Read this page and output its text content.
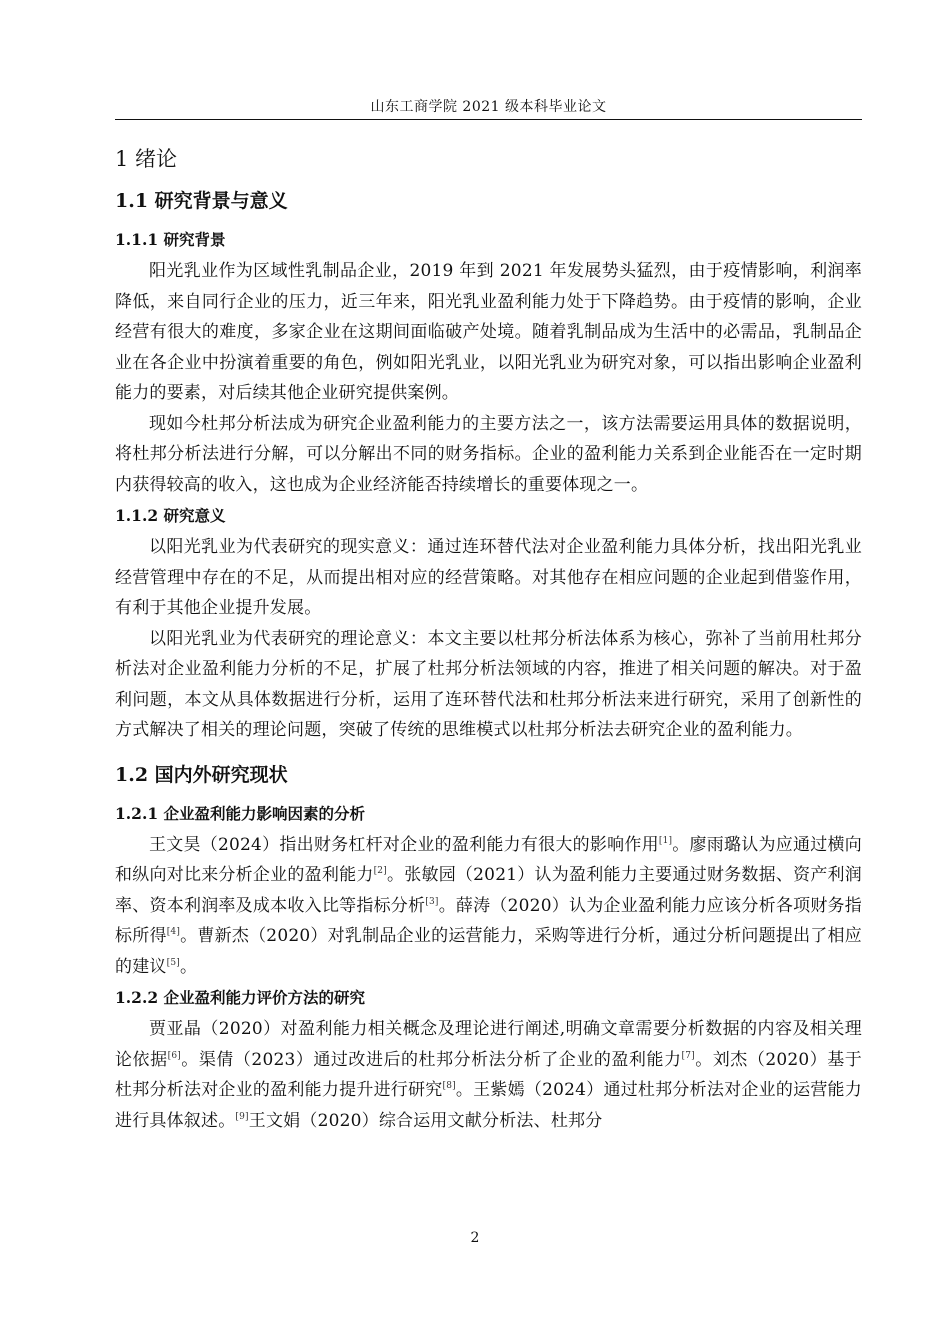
山东工商学院 2021 级本科毕业论文
1 绪论
1.1 研究背景与意义
1.1.1 研究背景

阳光乳业作为区域性乳制品企业，2019 年到 2021 年发展势头猛烈，由于疫情影响，利润率降低，来自同行企业的压力，近三年来，阳光乳业盈利能力处于下降趋势。由于疫情的影响，企业经营有很大的难度，多家企业在这期间面临破产处境。随着乳制品成为生活中的必需品，乳制品企业在各企业中扮演着重要的角色，例如阳光乳业，以阳光乳业为研究对象，可以指出影响企业盈利能力的要素，对后续其他企业研究提供案例。

现如今杜邦分析法成为研究企业盈利能力的主要方法之一，该方法需要运用具体的数据说明，将杜邦分析法进行分解，可以分解出不同的财务指标。企业的盈利能力关系到企业能否在一定时期内获得较高的收入，这也成为企业经济能否持续增长的重要体现之一。

1.1.2 研究意义

以阳光乳业为代表研究的现实意义：通过连环替代法对企业盈利能力具体分析，找出阳光乳业经营管理中存在的不足，从而提出相对应的经营策略。对其他存在相应问题的企业起到借鉴作用，有利于其他企业提升发展。

以阳光乳业为代表研究的理论意义：本文主要以杜邦分析法体系为核心，弥补了当前用杜邦分析法对企业盈利能力分析的不足，扩展了杜邦分析法领域的内容，推进了相关问题的解决。对于盈利问题，本文从具体数据进行分析，运用了连环替代法和杜邦分析法来进行研究，采用了创新性的方式解决了相关的理论问题，突破了传统的思维模式以杜邦分析法去研究企业的盈利能力。

1.2 国内外研究现状
1.2.1 企业盈利能力影响因素的分析

王文昊（2024）指出财务杠杆对企业的盈利能力有很大的影响作用[1]。廖雨璐认为应通过横向和纵向对比来分析企业的盈利能力[2]。张敏园（2021）认为盈利能力主要通过财务数据、资产利润率、资本利润率及成本收入比等指标分析[3]。薛涛（2020）认为企业盈利能力应该分析各项财务指标所得[4]。曹新杰（2020）对乳制品企业的运营能力，采购等进行分析，通过分析问题提出了相应的建议[5]。

1.2.2 企业盈利能力评价方法的研究

贾亚晶（2020）对盈利能力相关概念及理论进行阐述,明确文章需要分析数据的内容及相关理论依据[6]。渠倩（2023）通过改进后的杜邦分析法分析了企业的盈利能力[7]。刘杰（2020）基于杜邦分析法对企业的盈利能力提升进行研究[8]。王紫嫣（2024）通过杜邦分析法对企业的运营能力进行具体叙述。[9]王文娟（2020）综合运用文献分析法、杜邦分

2
